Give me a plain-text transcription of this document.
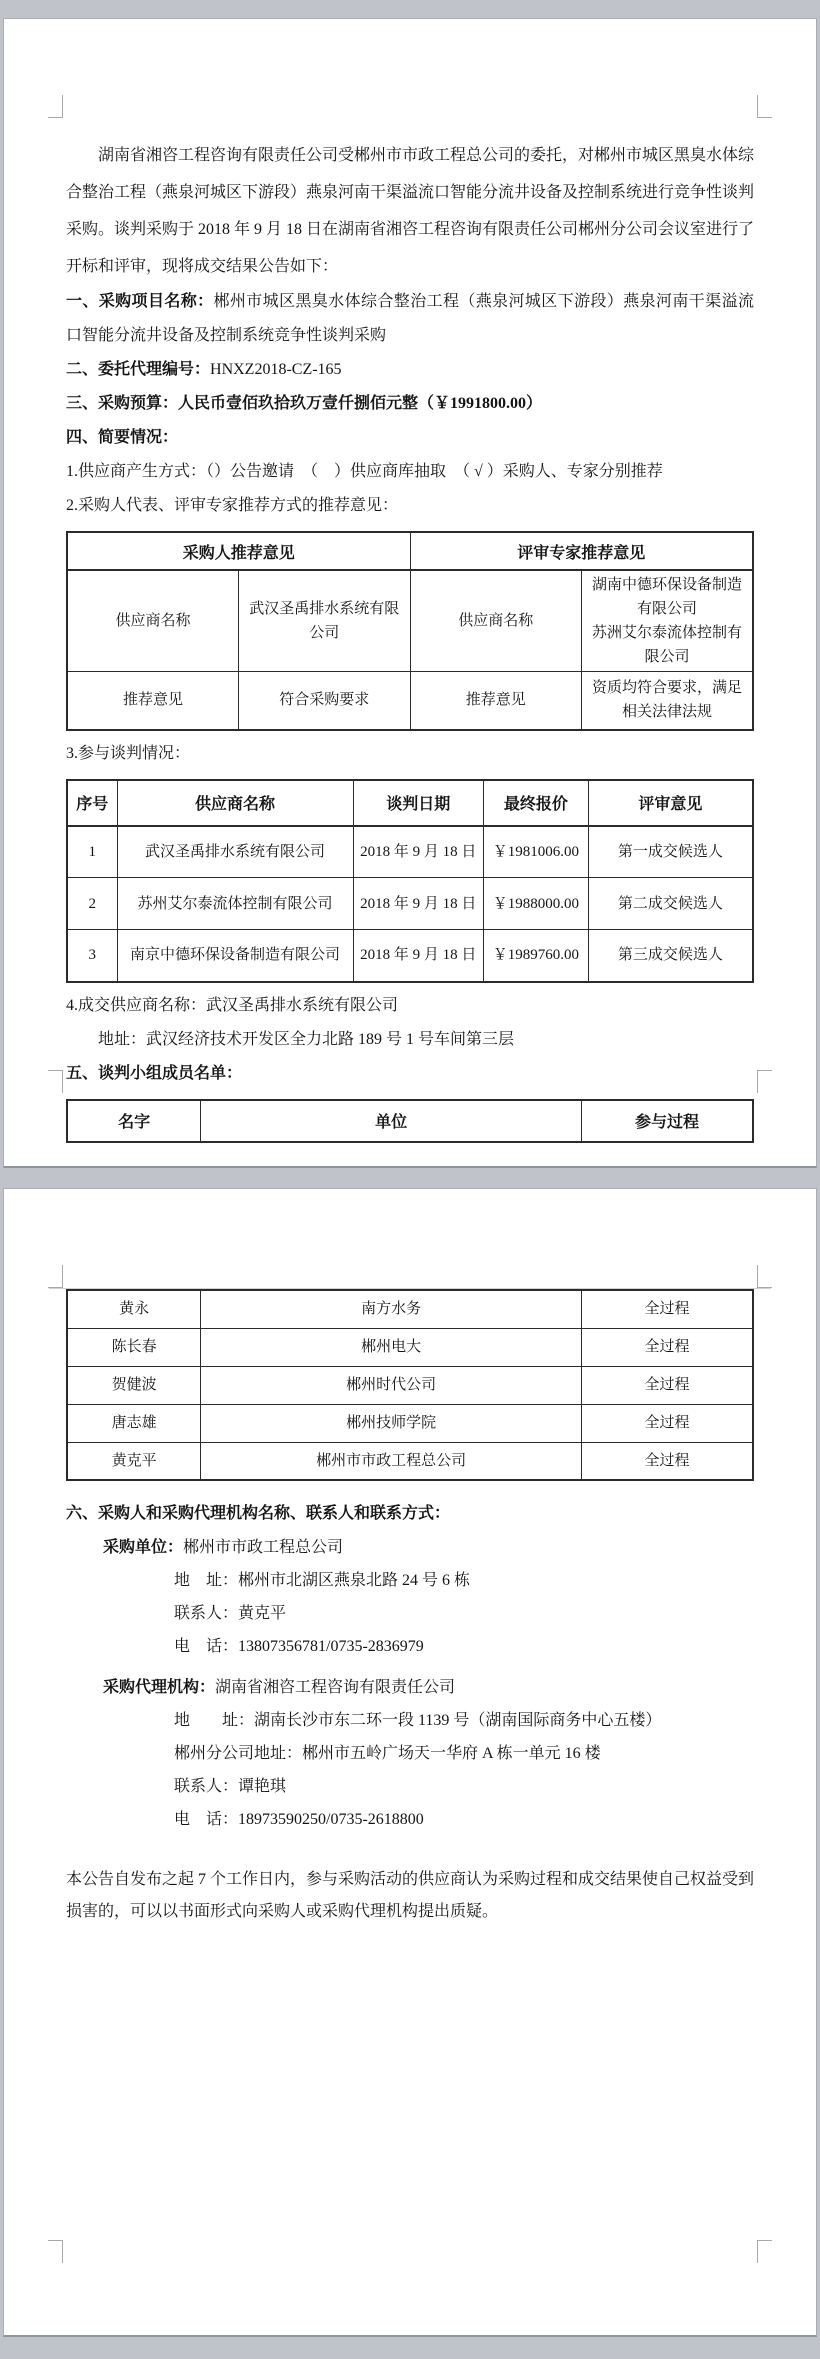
湖南省湘咨工程咨询有限责任公司受郴州市市政工程总公司的委托，对郴州市城区黑臭水体综合整治工程（燕泉河城区下游段）燕泉河南干渠溢流口智能分流井设备及控制系统进行竞争性谈判采购。谈判采购于 2018 年 9 月 18 日在湖南省湘咨工程咨询有限责任公司郴州分公司会议室进行了开标和评审，现将成交结果公告如下：

一、采购项目名称：郴州市城区黑臭水体综合整治工程（燕泉河城区下游段）燕泉河南干渠溢流口智能分流井设备及控制系统竞争性谈判采购

二、委托代理编号：HNXZ2018-CZ-165

三、采购预算：人民币壹佰玖拾玖万壹仟捌佰元整（￥1991800.00）

四、简要情况：

1.供应商产生方式：（）公告邀请　（　）供应商库抽取　（ √ ）采购人、专家分别推荐

2.采购人代表、评审专家推荐方式的推荐意见：

采购人推荐意见		评审专家推荐意见	
供应商名称	武汉圣禹排水系统有限公司	供应商名称	湖南中德环保设备制造有限公司
苏洲艾尔泰流体控制有限公司

推荐意见	符合采购要求	推荐意见	资质均符合要求，满足相关法律法规

3.参与谈判情况：

序号	供应商名称	谈判日期	最终报价	评审意见
1	武汉圣禹排水系统有限公司	2018 年 9 月 18 日	￥1981006.00	第一成交候选人
2	苏州艾尔泰流体控制有限公司	2018 年 9 月 18 日	￥1988000.00	第二成交候选人
3	南京中德环保设备制造有限公司	2018 年 9 月 18 日	￥1989760.00	第三成交候选人

4.成交供应商名称：武汉圣禹排水系统有限公司

地址：武汉经济技术开发区全力北路 189 号 1 号车间第三层

五、谈判小组成员名单：

名字	单位	参与过程
黄永	南方水务	全过程
陈长春	郴州电大	全过程
贺健波	郴州时代公司	全过程
唐志雄	郴州技师学院	全过程
黄克平	郴州市市政工程总公司	全过程

六、采购人和采购代理机构名称、联系人和联系方式：

采购单位：郴州市市政工程总公司

地　址：郴州市北湖区燕泉北路 24 号 6 栋

联系人：黄克平

电　话：13807356781/0735-2836979

采购代理机构：湖南省湘咨工程咨询有限责任公司

地　　址：湖南长沙市东二环一段 1139 号（湖南国际商务中心五楼）

郴州分公司地址：郴州市五岭广场天一华府 A 栋一单元 16 楼

联系人：谭艳琪

电　话：18973590250/0735-2618800

本公告自发布之起 7 个工作日内，参与采购活动的供应商认为采购过程和成交结果使自己权益受到损害的，可以以书面形式向采购人或采购代理机构提出质疑。
